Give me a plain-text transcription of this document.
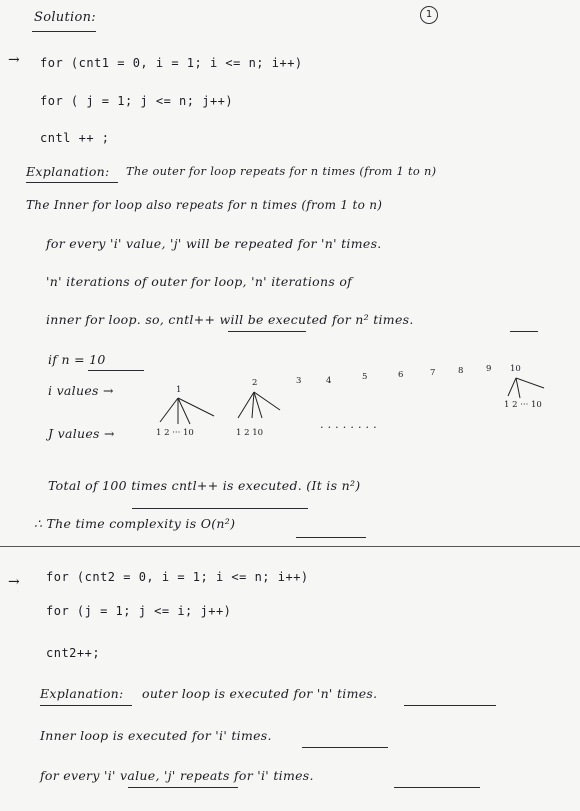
Solution:	1
→ for (cnt1 = 0, i = 1; i <= n; i++)
for ( j = 1; j <= n; j++)
cntl ++ ;
Explanation: The outer for loop repeats for n times (from 1 to n)
The Inner for loop also repeats for n times (from 1 to n)
for every 'i' value, 'j' will be repeated for 'n' times.
'n' iterations of outer for loop, 'n' iterations of
inner for loop. so, cntl++ will be executed for n² times.
if n = 10
i values →
J values →
1
2	3	4	5	6	7	8	9 10
1 2 ··· 10	1 2 10
1 2 ··· 10
. . . . . . . .
Total of 100 times cntl++ is executed. (It is n²)
∴ The time complexity is O(n²)
→ for (cnt2 = 0, i = 1; i <= n; i++)
for (j = 1; j <= i; j++)
cnt2++;
Explanation: outer loop is executed for 'n' times.
Inner loop is executed for 'i' times.
for every 'i' value, 'j' repeats for 'i' times.
